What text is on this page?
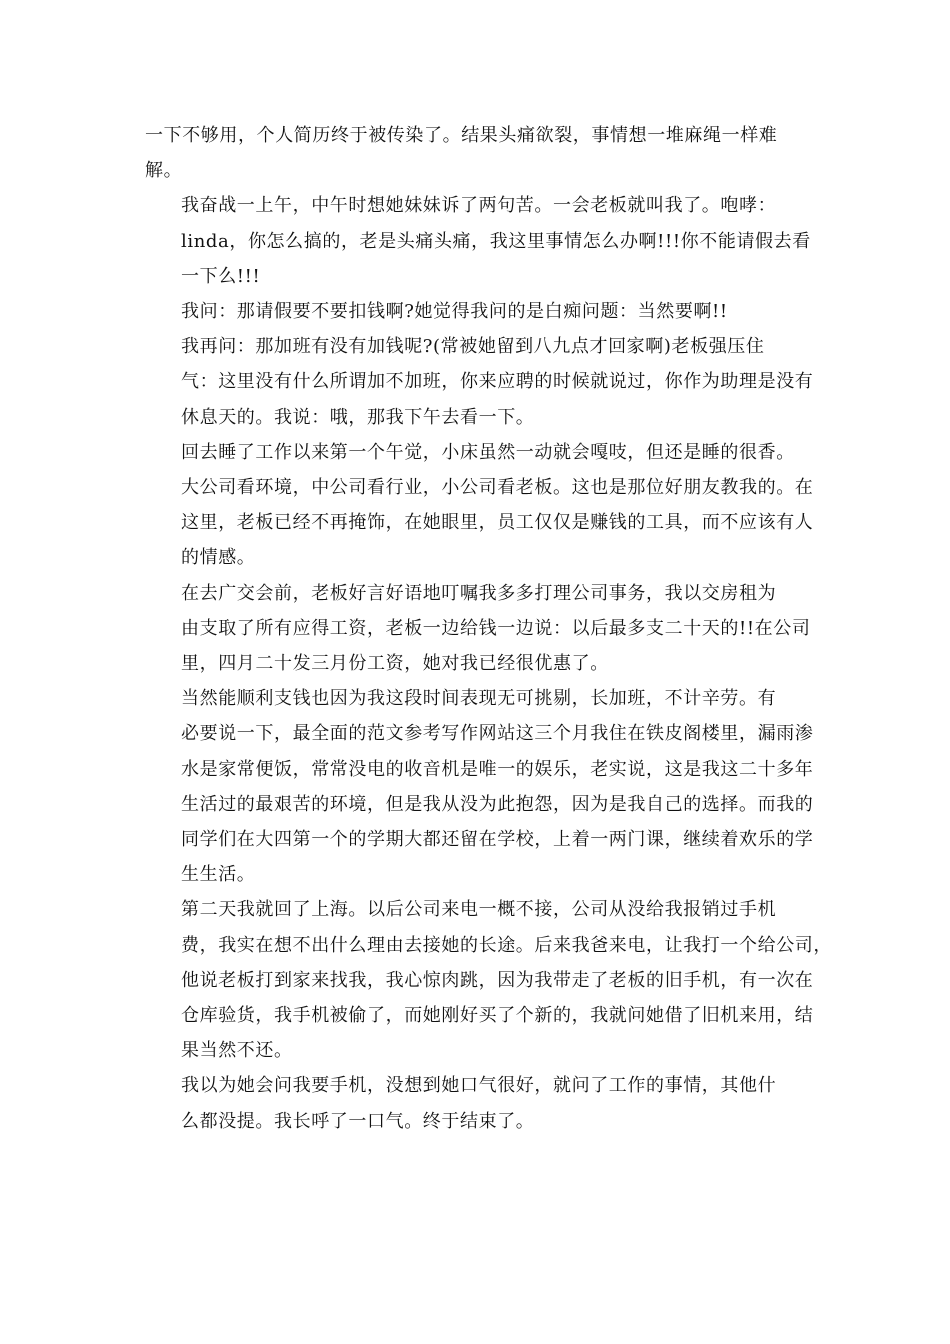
一下不够用，个人简历终于被传染了。结果头痛欲裂，事情想一堆麻绳一样难
解。
我奋战一上午，中午时想她妹妹诉了两句苦。一会老板就叫我了。咆哮：
linda，你怎么搞的，老是头痛头痛，我这里事情怎么办啊!!!你不能请假去看
一下么!!!
我问：那请假要不要扣钱啊?她觉得我问的是白痴问题：当然要啊!!
我再问：那加班有没有加钱呢?(常被她留到八九点才回家啊)老板强压住
气：这里没有什么所谓加不加班，你来应聘的时候就说过，你作为助理是没有
休息天的。我说：哦，那我下午去看一下。
回去睡了工作以来第一个午觉，小床虽然一动就会嘎吱，但还是睡的很香。
大公司看环境，中公司看行业，小公司看老板。这也是那位好朋友教我的。在
这里，老板已经不再掩饰，在她眼里，员工仅仅是赚钱的工具，而不应该有人
的情感。
在去广交会前，老板好言好语地叮嘱我多多打理公司事务，我以交房租为
由支取了所有应得工资，老板一边给钱一边说：以后最多支二十天的!!在公司
里，四月二十发三月份工资，她对我已经很优惠了。
当然能顺利支钱也因为我这段时间表现无可挑剔，长加班，不计辛劳。有
必要说一下，最全面的范文参考写作网站这三个月我住在铁皮阁楼里，漏雨渗
水是家常便饭，常常没电的收音机是唯一的娱乐，老实说，这是我这二十多年
生活过的最艰苦的环境，但是我从没为此抱怨，因为是我自己的选择。而我的
同学们在大四第一个的学期大都还留在学校，上着一两门课，继续着欢乐的学
生生活。
第二天我就回了上海。以后公司来电一概不接，公司从没给我报销过手机
费，我实在想不出什么理由去接她的长途。后来我爸来电，让我打一个给公司，
他说老板打到家来找我，我心惊肉跳，因为我带走了老板的旧手机，有一次在
仓库验货，我手机被偷了，而她刚好买了个新的，我就问她借了旧机来用，结
果当然不还。
我以为她会问我要手机，没想到她口气很好，就问了工作的事情，其他什
么都没提。我长呼了一口气。终于结束了。
